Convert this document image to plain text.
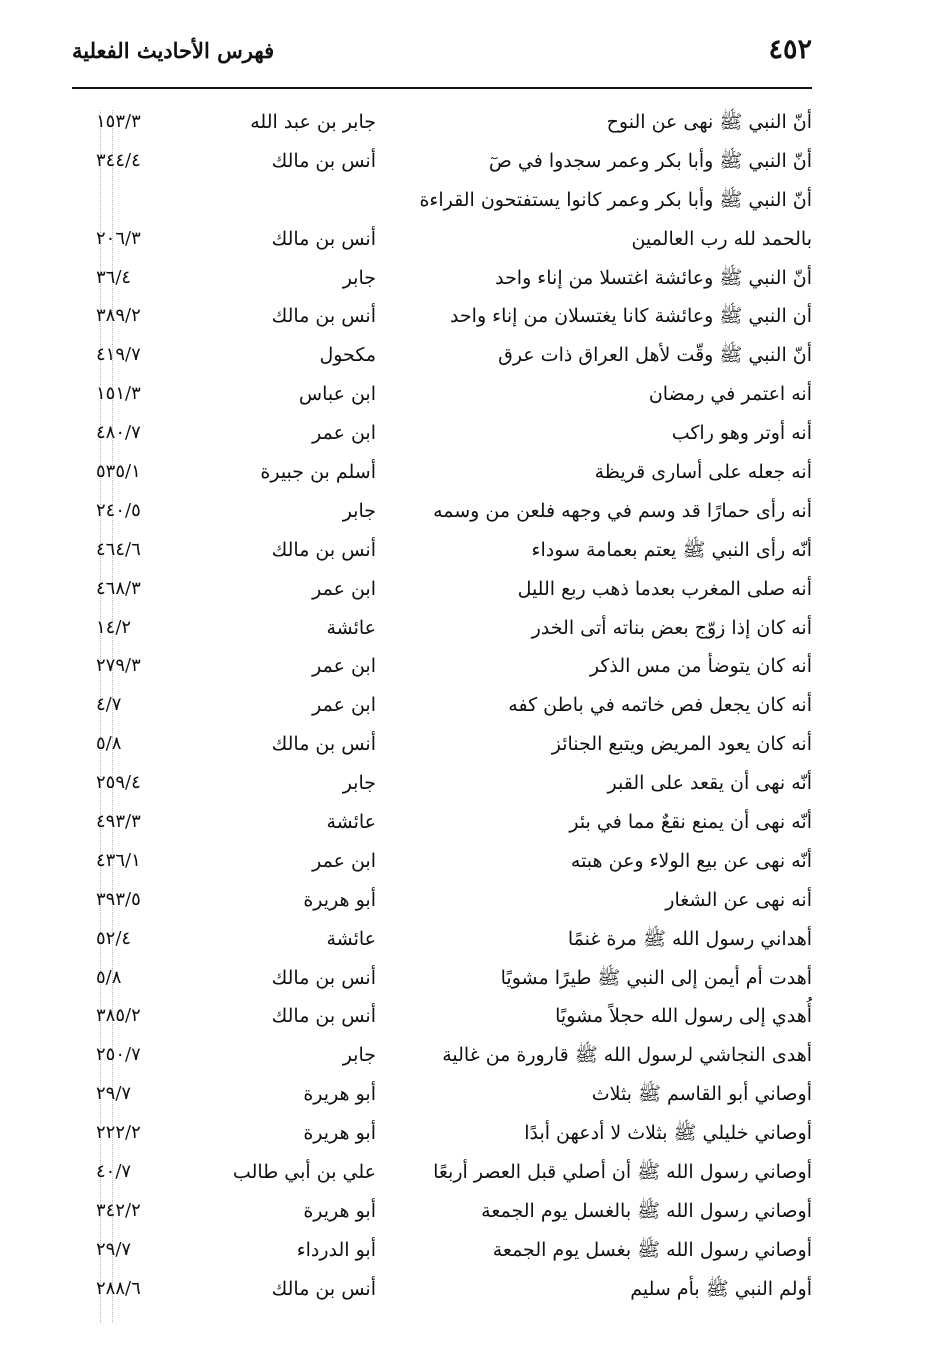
٤٥٢
فهرس الأحاديث الفعلية
أنّ النبي ﷺ نهى عن النوح
جابر بن عبد الله
١٥٣/٣
أنّ النبي ﷺ وأبا بكر وعمر سجدوا في صٓ
أنس بن مالك
٣٤٤/٤
أنّ النبي ﷺ وأبا بكر وعمر كانوا يستفتحون القراءة
بالحمد لله رب العالمين
أنس بن مالك
٢٠٦/٣
أنّ النبي ﷺ وعائشة اغتسلا من إناء واحد
جابر
٣٦/٤
أن النبي ﷺ وعائشة كانا يغتسلان من إناء واحد
أنس بن مالك
٣٨٩/٢
أنّ النبي ﷺ وقّت لأهل العراق ذات عرق
مكحول
٤١٩/٧
أنه اعتمر في رمضان
ابن عباس
١٥١/٣
أنه أوتر وهو راكب
ابن عمر
٤٨٠/٧
أنه جعله على أسارى قريظة
أسلم بن جبيرة
٥٣٥/١
أنه رأى حمارًا قد وسم في وجهه فلعن من وسمه
جابر
٢٤٠/٥
أنّه رأى النبي ﷺ يعتم بعمامة سوداء
أنس بن مالك
٤٦٤/٦
أنه صلى المغرب بعدما ذهب ربع الليل
ابن عمر
٤٦٨/٣
أنه كان إذا زوّج بعض بناته أتى الخدر
عائشة
١٤/٢
أنه كان يتوضأ من مس الذكر
ابن عمر
٢٧٩/٣
أنه كان يجعل فص خاتمه في باطن كفه
ابن عمر
٤/٧
أنه كان يعود المريض ويتبع الجنائز
أنس بن مالك
٥/٨
أنّه نهى أن يقعد على القبر
جابر
٢٥٩/٤
أنّه نهى أن يمنع نقعٌ مما في بئر
عائشة
٤٩٣/٣
أنّه نهى عن بيع الولاء وعن هبته
ابن عمر
٤٣٦/١
أنه نهى عن الشغار
أبو هريرة
٣٩٣/٥
أهداني رسول الله ﷺ مرة غنمًا
عائشة
٥٢/٤
أهدت أم أيمن إلى النبي ﷺ طيرًا مشويًا
أنس بن مالك
٥/٨
أُهدي إلى رسول الله حجلاً مشويًا
أنس بن مالك
٣٨٥/٢
أهدى النجاشي لرسول الله ﷺ قارورة من غالية
جابر
٢٥٠/٧
أوصاني أبو القاسم ﷺ بثلاث
أبو هريرة
٢٩/٧
أوصاني خليلي ﷺ بثلاث لا أدعهن أبدًا
أبو هريرة
٢٢٢/٢
أوصاني رسول الله ﷺ أن أصلي قبل العصر أربعًا
علي بن أبي طالب
٤٠/٧
أوصاني رسول الله ﷺ بالغسل يوم الجمعة
أبو هريرة
٣٤٢/٢
أوصاني رسول الله ﷺ بغسل يوم الجمعة
أبو الدرداء
٢٩/٧
أولم النبي ﷺ بأم سليم
أنس بن مالك
٢٨٨/٦
